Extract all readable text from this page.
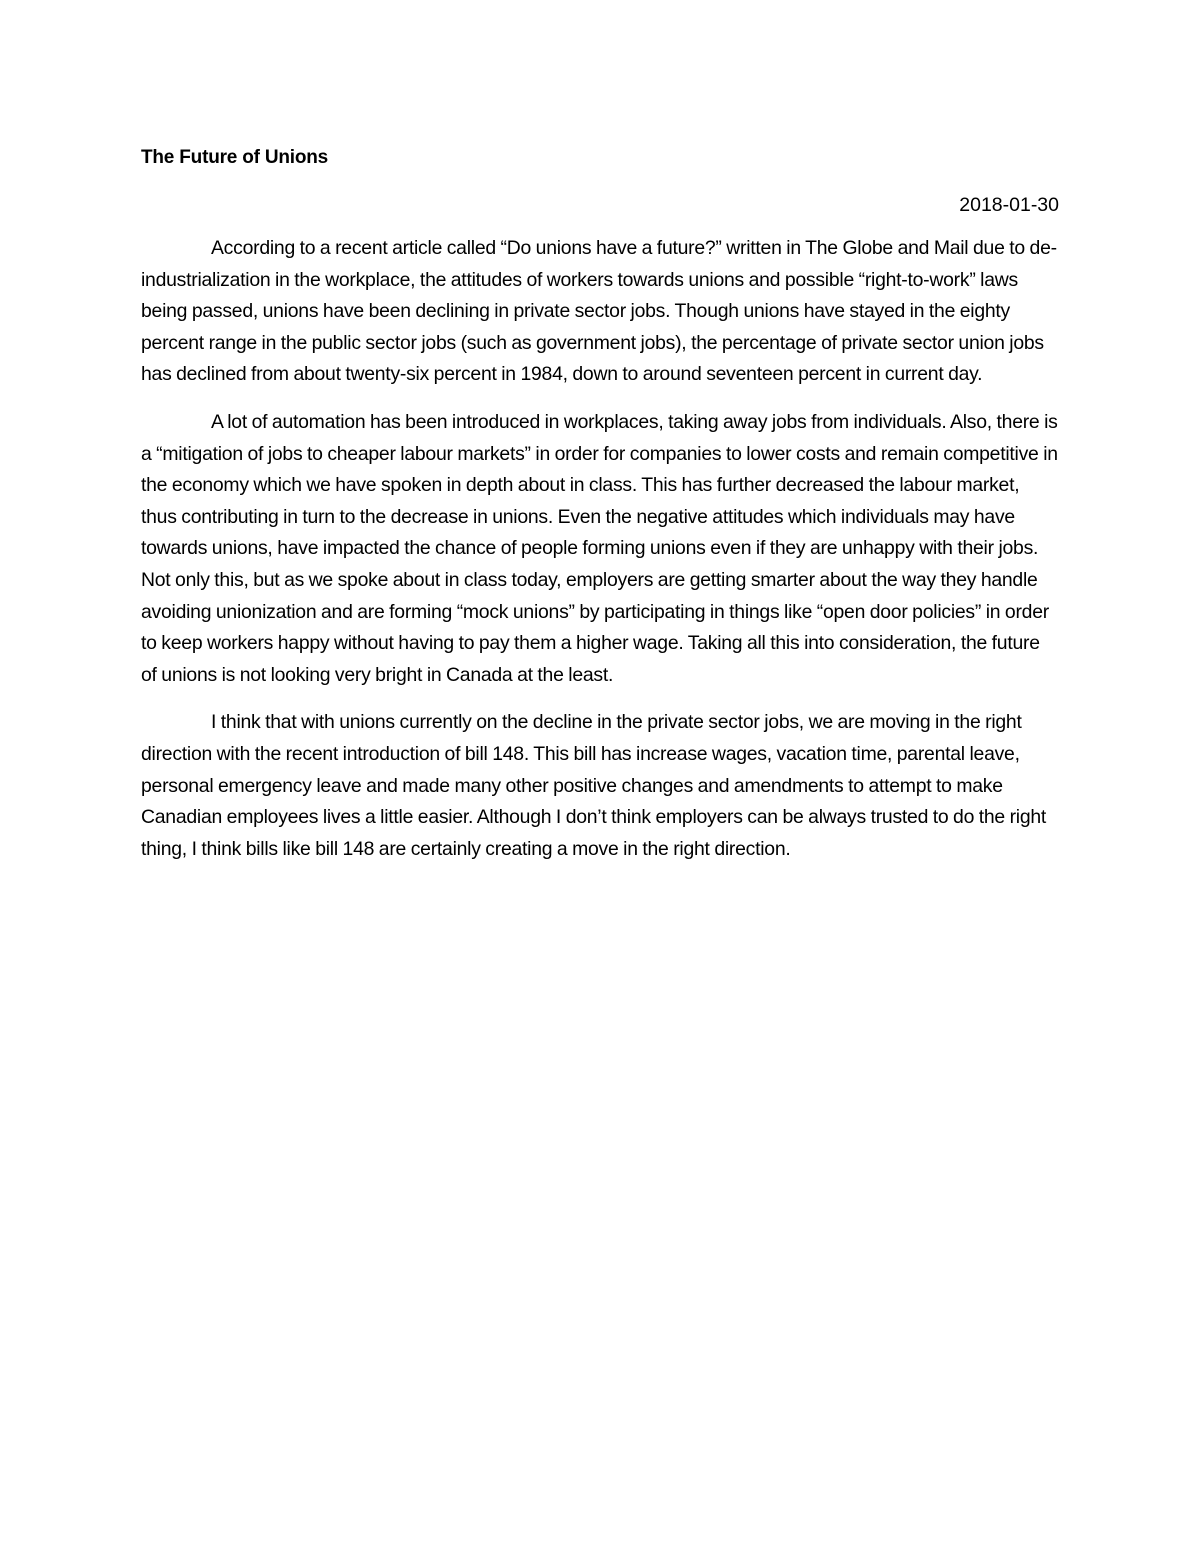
The Future of Unions

2018-01-30

According to a recent article called “Do unions have a future?” written in The Globe and Mail due to de-industrialization in the workplace, the attitudes of workers towards unions and possible “right-to-work” laws being passed, unions have been declining in private sector jobs. Though unions have stayed in the eighty percent range in the public sector jobs (such as government jobs), the percentage of private sector union jobs has declined from about twenty-six percent in 1984, down to around seventeen percent in current day.

A lot of automation has been introduced in workplaces, taking away jobs from individuals. Also, there is a “mitigation of jobs to cheaper labour markets” in order for companies to lower costs and remain competitive in the economy which we have spoken in depth about in class. This has further decreased the labour market, thus contributing in turn to the decrease in unions. Even the negative attitudes which individuals may have towards unions, have impacted the chance of people forming unions even if they are unhappy with their jobs. Not only this, but as we spoke about in class today, employers are getting smarter about the way they handle avoiding unionization and are forming “mock unions” by participating in things like “open door policies” in order to keep workers happy without having to pay them a higher wage. Taking all this into consideration, the future of unions is not looking very bright in Canada at the least.

I think that with unions currently on the decline in the private sector jobs, we are moving in the right direction with the recent introduction of bill 148. This bill has increase wages, vacation time, parental leave, personal emergency leave and made many other positive changes and amendments to attempt to make Canadian employees lives a little easier. Although I don’t think employers can be always trusted to do the right thing, I think bills like bill 148 are certainly creating a move in the right direction.
